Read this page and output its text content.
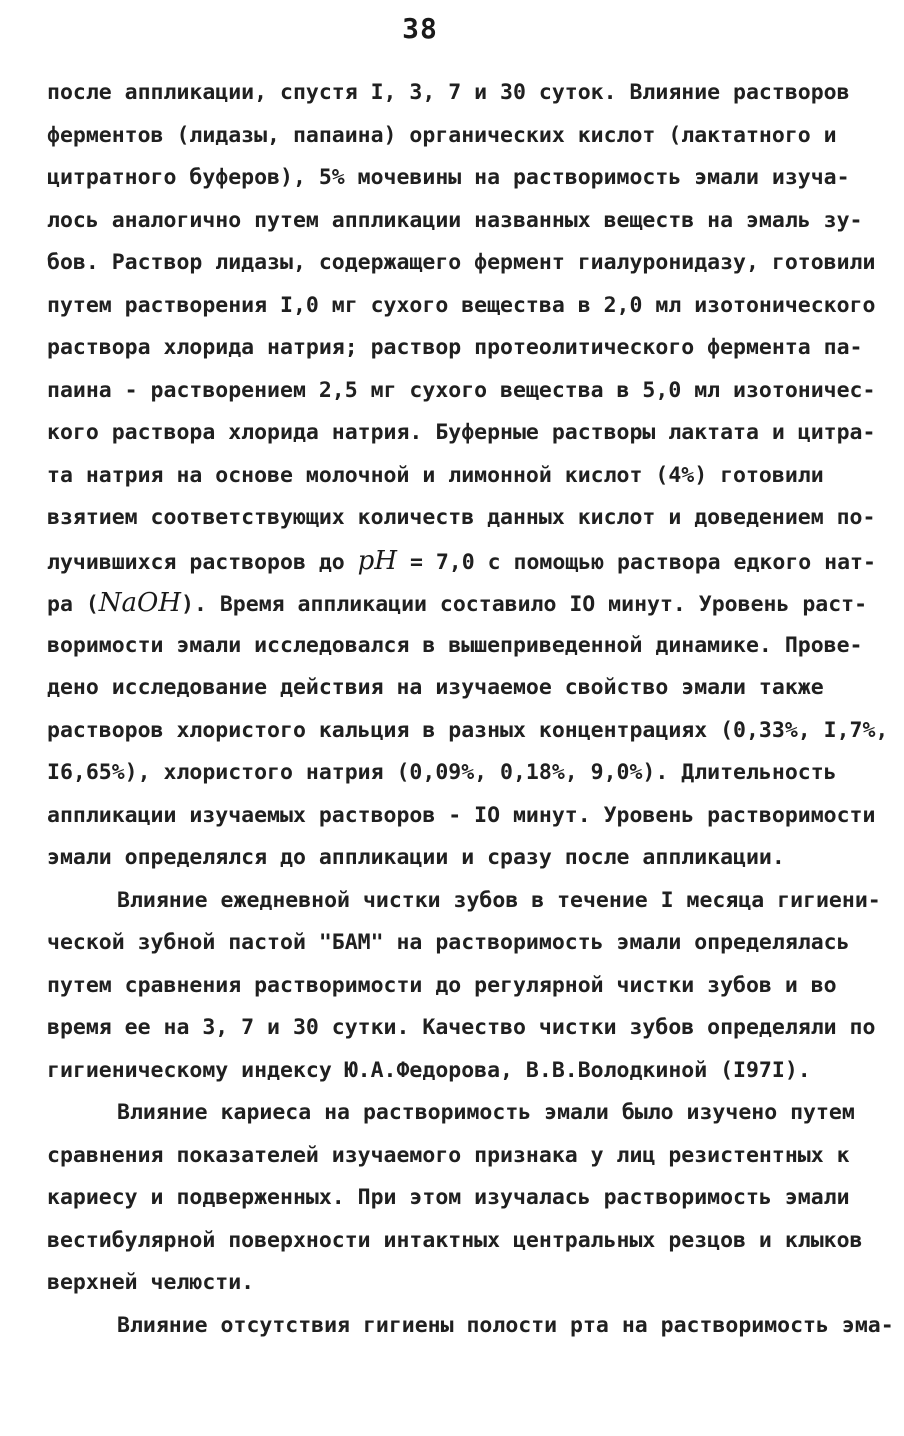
38
после аппликации, спустя I, 3, 7 и 30 суток. Влияние растворов
ферментов (лидазы, папаина) органических кислот (лактатного и
цитратного буферов), 5% мочевины на растворимость эмали изуча-
лось аналогично путем аппликации названных веществ на эмаль зу-
бов. Раствор лидазы, содержащего фермент гиалуронидазу, готовили
путем растворения I,0 мг сухого вещества в 2,0 мл изотонического
раствора хлорида натрия; раствор протеолитического фермента па-
паина - растворением 2,5 мг сухого вещества в 5,0 мл изотоничес-
кого раствора хлорида натрия. Буферные растворы лактата и цитра-
та натрия на основе молочной и лимонной кислот (4%) готовили
взятием соответствующих количеств данных кислот и доведением по-
лучившихся растворов до pH = 7,0 с помощью раствора едкого нат-
ра (NaOH). Время аппликации составило IO минут. Уровень раст-
воримости эмали исследовался в вышеприведенной динамике. Прове-
дено исследование действия на изучаемое свойство эмали также
растворов хлористого кальция в разных концентрациях (0,33%, I,7%,
I6,65%), хлористого натрия (0,09%, 0,18%, 9,0%). Длительность
аппликации изучаемых растворов - IO минут. Уровень растворимости
эмали определялся до аппликации и сразу после аппликации.
Влияние ежедневной чистки зубов в течение I месяца гигиени-
ческой зубной пастой "БАМ" на растворимость эмали определялась
путем сравнения растворимости до регулярной чистки зубов и во
время ее на 3, 7 и 30 сутки. Качество чистки зубов определяли по
гигиеническому индексу Ю.А.Федорова, В.В.Володкиной (I97I).
Влияние кариеса на растворимость эмали было изучено путем
сравнения показателей изучаемого признака у лиц резистентных к
кариесу и подверженных. При этом изучалась растворимость эмали
вестибулярной поверхности интактных центральных резцов и клыков
верхней челюсти.
Влияние отсутствия гигиены полости рта на растворимость эма-
